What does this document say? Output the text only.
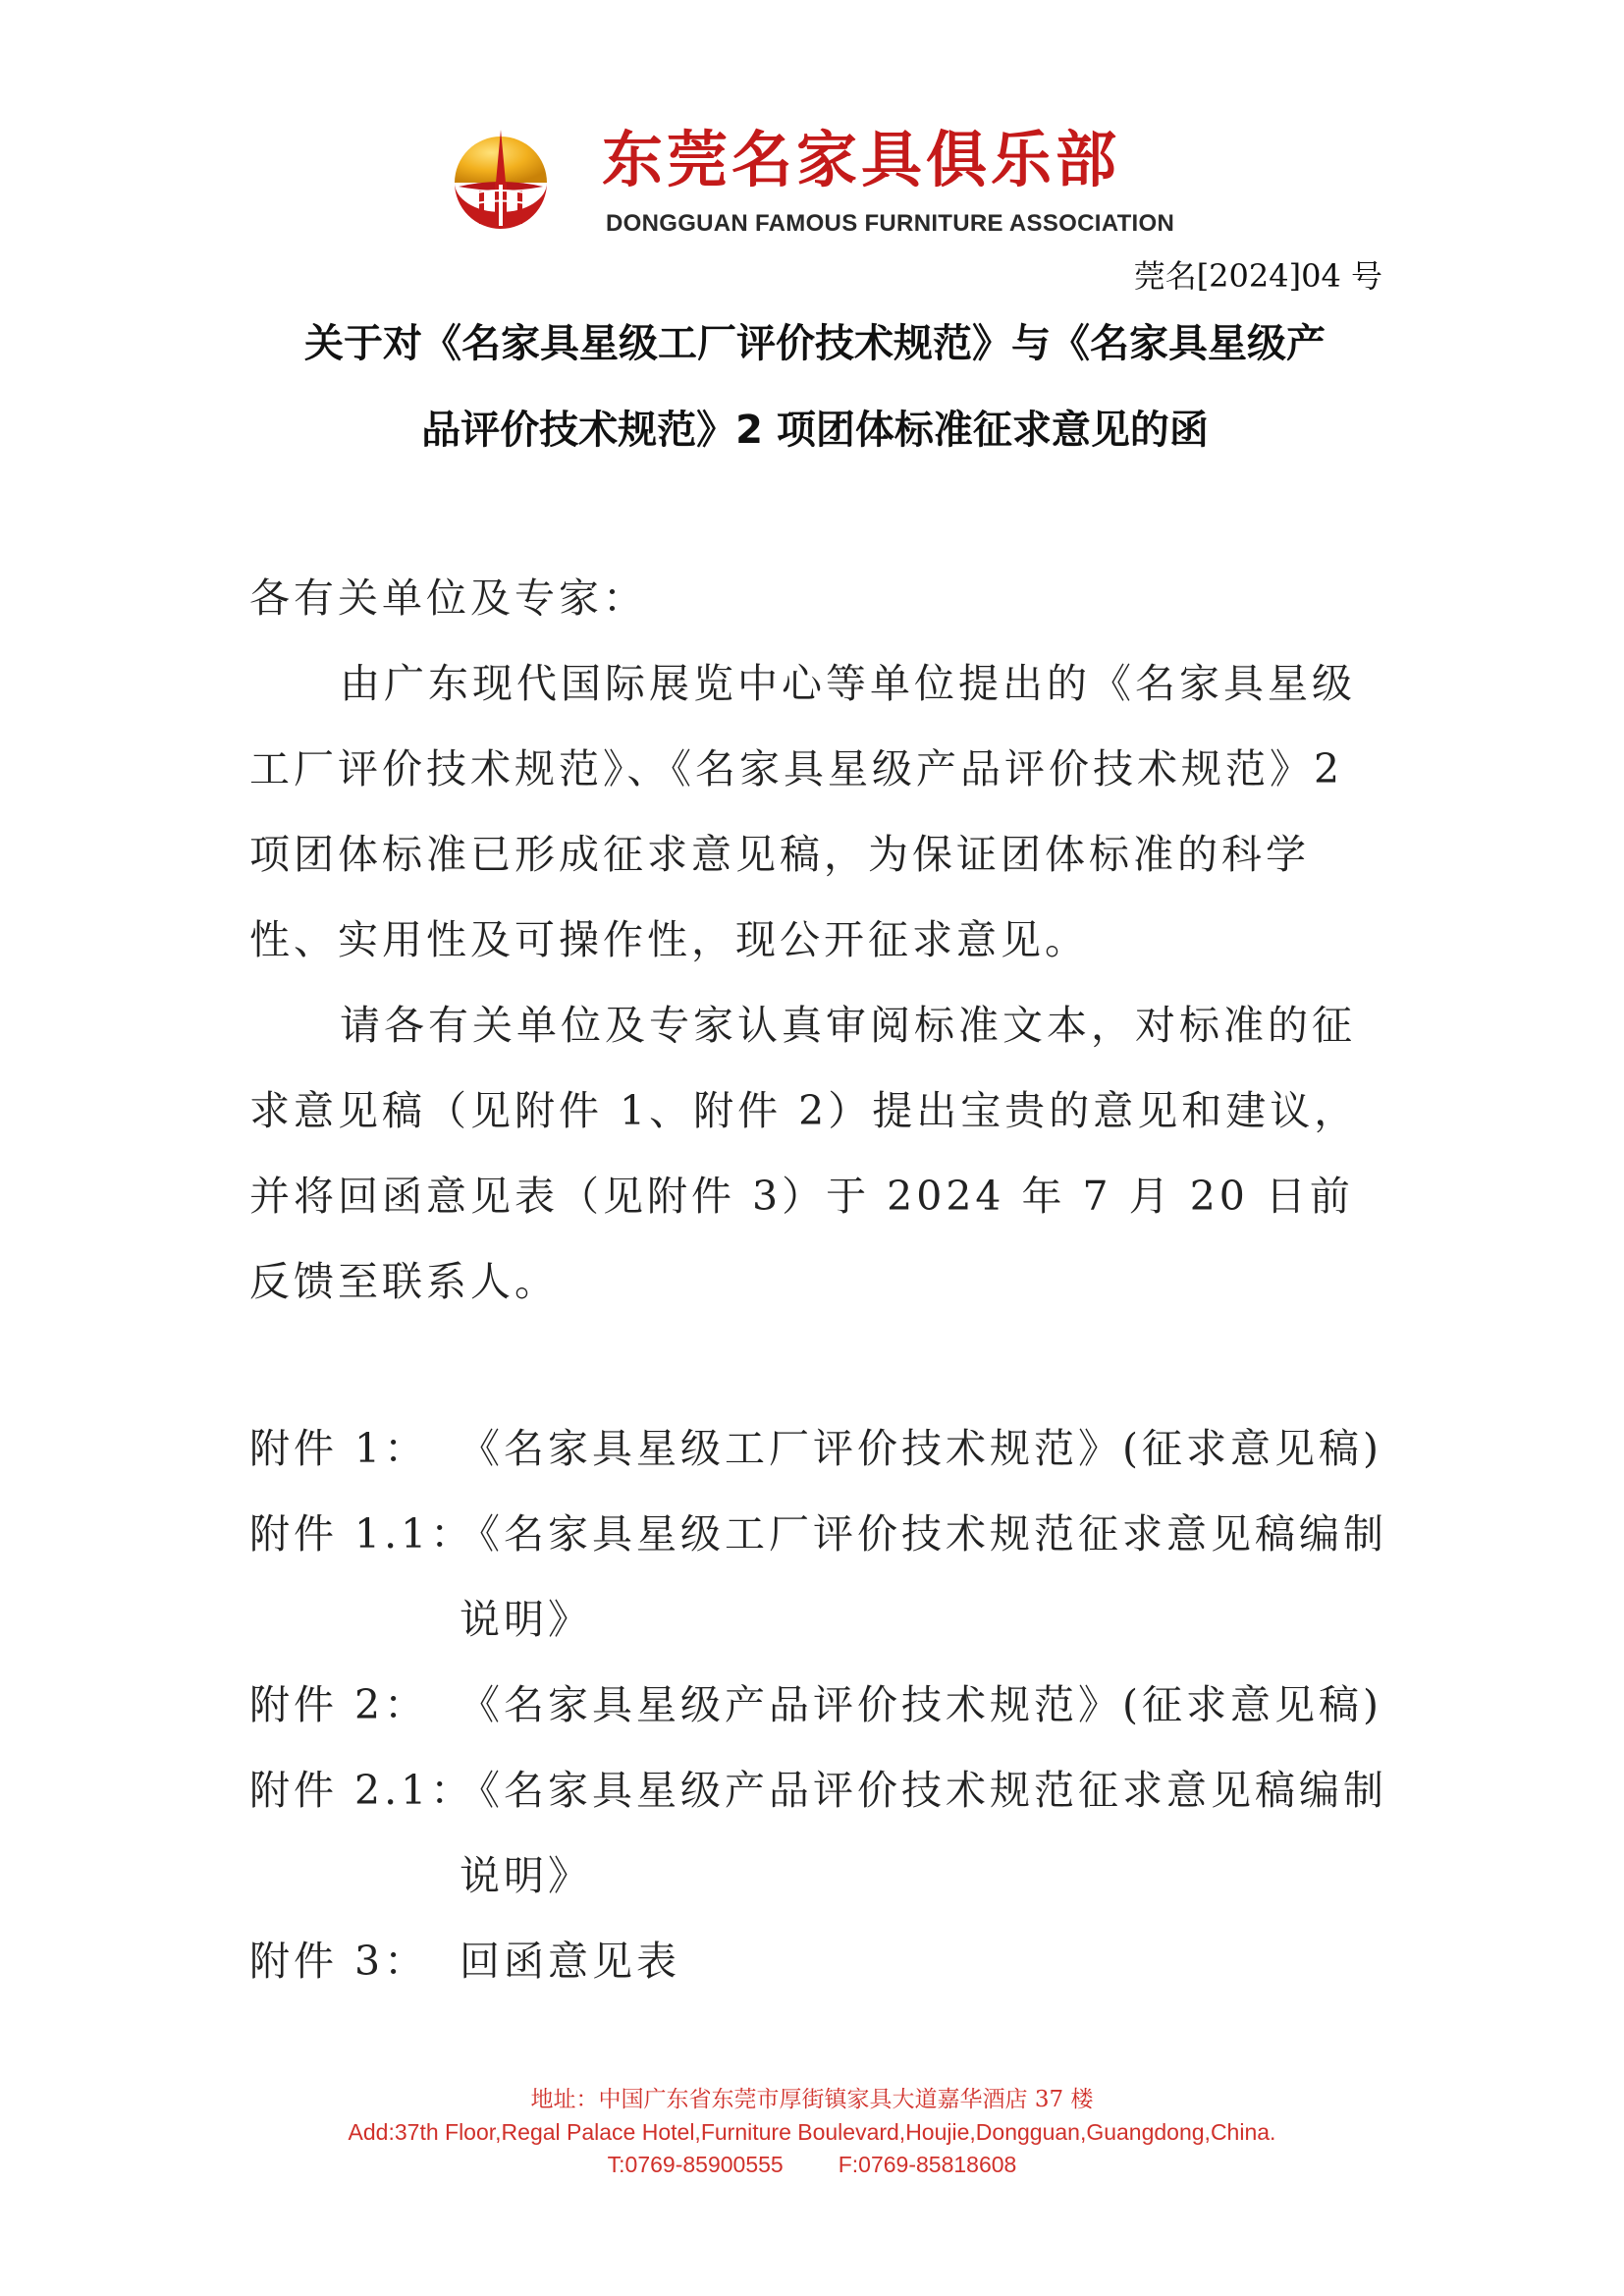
东莞名家具俱乐部
DONGGUAN FAMOUS FURNITURE ASSOCIATION
莞名[2024]04 号
关于对《名家具星级工厂评价技术规范》与《名家具星级产
品评价技术规范》2 项团体标准征求意见的函

各有关单位及专家：

由广东现代国际展览中心等单位提出的《名家具星级工厂评价技术规范》、《名家具星级产品评价技术规范》2 项团体标准已形成征求意见稿，为保证团体标准的科学性、实用性及可操作性，现公开征求意见。

请各有关单位及专家认真审阅标准文本，对标准的征求意见稿（见附件 1、附件 2）提出宝贵的意见和建议，并将回函意见表（见附件 3）于 2024 年 7 月 20 日前反馈至联系人。

附件 1： 《名家具星级工厂评价技术规范》(征求意见稿)
附件 1.1：
《名家具星级工厂评价技术规范征求意见稿编制说明》
附件 2： 《名家具星级产品评价技术规范》(征求意见稿)
附件 2.1：
《名家具星级产品评价技术规范征求意见稿编制说明》
附件 3： 回函意见表
地址：中国广东省东莞市厚街镇家具大道嘉华酒店 37 楼
Add:37th Floor,Regal Palace Hotel,Furniture Boulevard,Houjie,Dongguan,Guangdong,China.
T:0769-85900555 F:0769-85818608
